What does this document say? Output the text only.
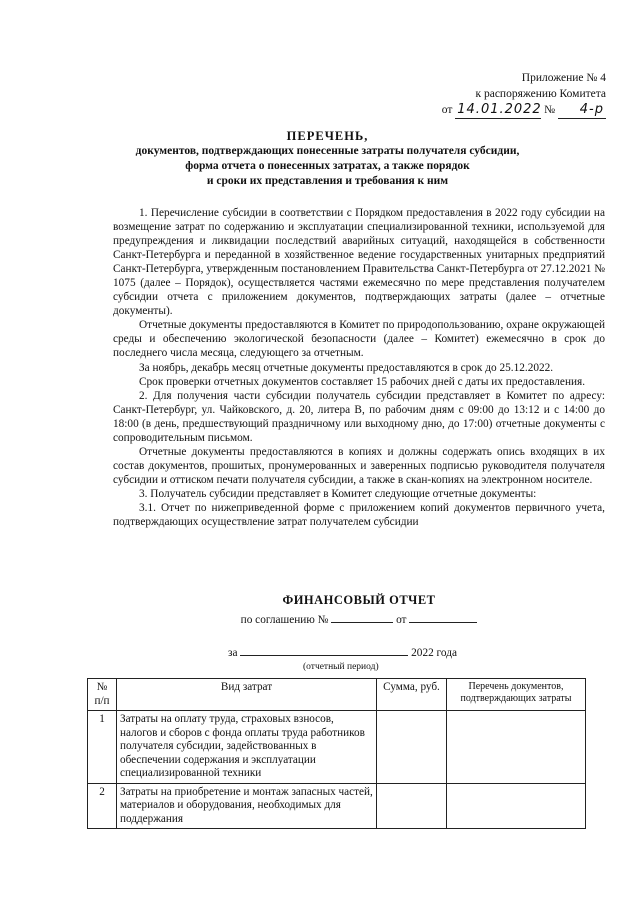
Приложение № 4
к распоряжению Комитета
от 14.01.2022 № 4-р
ПЕРЕЧЕНЬ,
документов, подтверждающих понесенные затраты получателя субсидии,
форма отчета о понесенных затратах, а также порядок
и сроки их представления и требования к ним

1. Перечисление субсидии в соответствии с Порядком предоставления в 2022 году субсидии на возмещение затрат по содержанию и эксплуатации специализированной техники, используемой для предупреждения и ликвидации последствий аварийных ситуаций, находящейся в собственности Санкт-Петербурга и переданной в хозяйственное ведение государственных унитарных предприятий Санкт-Петербурга, утвержденным постановлением Правительства Санкт-Петербурга от 27.12.2021 № 1075 (далее – Порядок), осуществляется частями ежемесячно по мере представления получателем субсидии отчета с приложением документов, подтверждающих затраты (далее – отчетные документы).

Отчетные документы предоставляются в Комитет по природопользованию, охране окружающей среды и обеспечению экологической безопасности (далее – Комитет) ежемесячно в срок до последнего числа месяца, следующего за отчетным.

За ноябрь, декабрь месяц отчетные документы предоставляются в срок до 25.12.2022.

Срок проверки отчетных документов составляет 15 рабочих дней с даты их предоставления.

2. Для получения части субсидии получатель субсидии представляет в Комитет по адресу: Санкт-Петербург, ул. Чайковского, д. 20, литера В, по рабочим дням с 09:00 до 13:12 и с 14:00 до 18:00 (в день, предшествующий праздничному или выходному дню, до 17:00) отчетные документы с сопроводительным письмом.

Отчетные документы предоставляются в копиях и должны содержать опись входящих в их состав документов, прошитых, пронумерованных и заверенных подписью руководителя получателя субсидии и оттиском печати получателя субсидии, а также в скан-копиях на электронном носителе.

3. Получатель субсидии представляет в Комитет следующие отчетные документы:

3.1. Отчет по нижеприведенной форме с приложением копий документов первичного учета, подтверждающих осуществление затрат получателем субсидии

ФИНАНСОВЫЙ ОТЧЕТ
по соглашению №	от
за	2022 года
(отчетный период)
№ п/п	Вид затрат	Сумма, руб.	Перечень документов, подтверждающих затраты
1	Затраты на оплату труда, страховых взносов, налогов и сборов с фонда оплаты труда работников получателя субсидии, задействованных в обеспечении содержания и эксплуатации специализированной техники		
2	Затраты на приобретение и монтаж запасных частей, материалов и оборудования, необходимых для поддержания		
